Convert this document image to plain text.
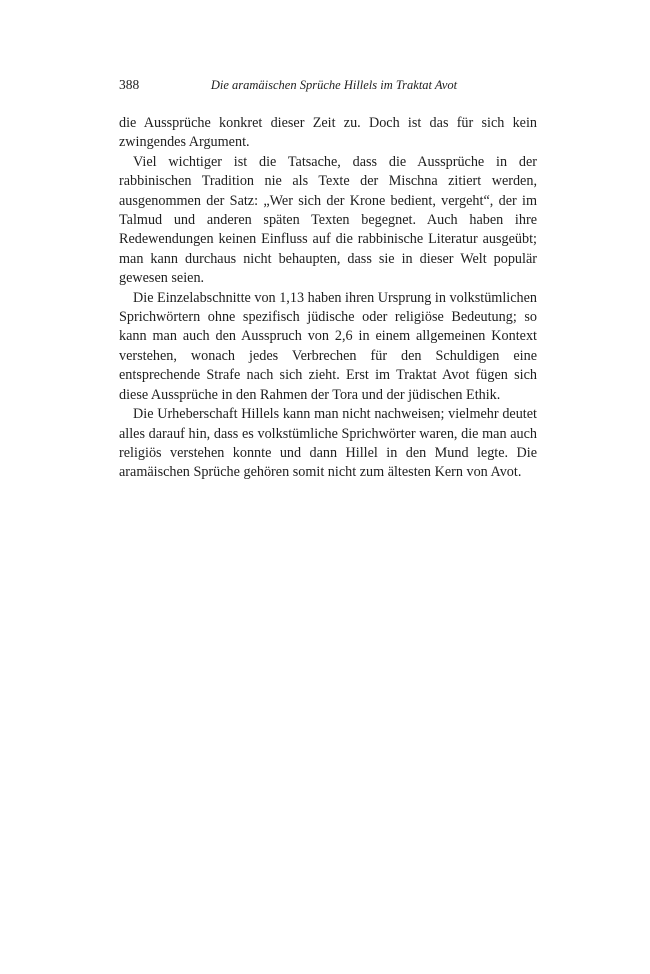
388	Die aramäischen Sprüche Hillels im Traktat Avot

die Aussprüche konkret dieser Zeit zu. Doch ist das für sich kein zwingendes Argument.

Viel wichtiger ist die Tatsache, dass die Aussprüche in der rabbinischen Tradition nie als Texte der Mischna zitiert werden, ausgenommen der Satz: „Wer sich der Krone bedient, vergeht“, der im Talmud und anderen späten Texten begegnet. Auch haben ihre Redewendungen keinen Einfluss auf die rabbinische Literatur ausgeübt; man kann durchaus nicht behaupten, dass sie in dieser Welt populär gewesen seien.

Die Einzelabschnitte von 1,13 haben ihren Ursprung in volkstümlichen Sprichwörtern ohne spezifisch jüdische oder religiöse Bedeutung; so kann man auch den Ausspruch von 2,6 in einem allgemeinen Kontext verstehen, wonach jedes Verbrechen für den Schuldigen eine entsprechende Strafe nach sich zieht. Erst im Traktat Avot fügen sich diese Aussprüche in den Rahmen der Tora und der jüdischen Ethik.

Die Urheberschaft Hillels kann man nicht nachweisen; vielmehr deutet alles darauf hin, dass es volkstümliche Sprichwörter waren, die man auch religiös verstehen konnte und dann Hillel in den Mund legte. Die aramäischen Sprüche gehören somit nicht zum ältesten Kern von Avot.
